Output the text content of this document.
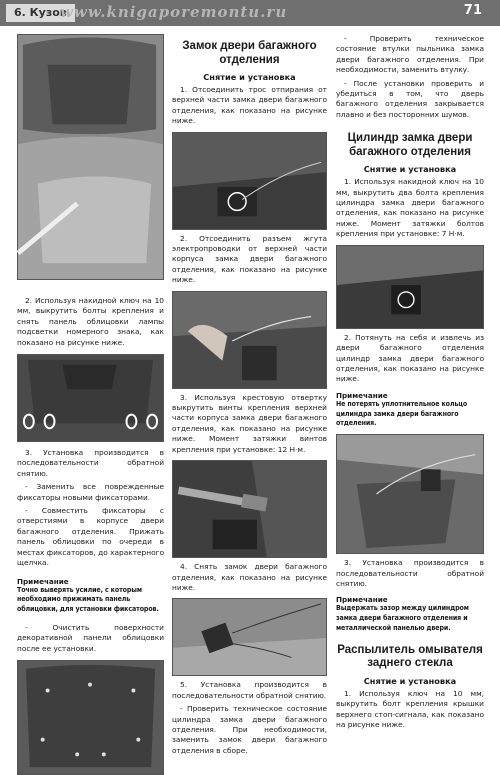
6. Кузов
www.knigaporemontu.ru	71

2. Используя накидной ключ на 10 мм, выкрутить болты крепления и снять панель облицовки лампы подсветки номерного знака, как показано на рисунке ниже.

3. Установка производится в последовательности обратной снятию.

- Заменить все поврежденные фиксаторы новыми фиксаторами.

- Совместить фиксаторы с отверстиями в корпусе двери багажного отделения. Прижать панель облицовки по очереди в местах фиксаторов, до характерного щелчка.

Примечание
Точно выверять усилие, с которым необходимо прижимать панель облицовки, для установки фиксаторов.

- Очистить поверхности декоративной панели облицовки после ее установки.

Замок двери багажного отделения
Снятие и установка

1. Отсоединить трос отпирания от верхней части замка двери багажного отделения, как показано на рисунке ниже.

2. Отсоединить разъем жгута электропроводки от верхней части корпуса замка двери багажного отделения, как показано на рисунке ниже.

3. Используя крестовую отвертку выкрутить винты крепления верхней части корпуса замка двери багажного отделения, как показано на рисунке ниже. Момент затяжки винтов крепления при установке: 12 Н·м.

4. Снять замок двери багажного отделения, как показано на рисунке ниже.

5. Установка производится в последовательности обратной снятию.

- Проверить техническое состояние цилиндра замка двери багажного отделения. При необходимости, заменить замок двери багажного отделения в сборе.

- Проверить техническое состояние втулки пыльника замка двери багажного отделения. При необходимости, заменить втулку.

- После установки проверить и убедиться в том, что дверь багажного отделения закрывается плавно и без посторонних шумов.

Цилиндр замка двери багажного отделения
Снятие и установка

1. Используя накидной ключ на 10 мм, выкрутить два болта крепления цилиндра замка двери багажного отделения, как показано на рисунке ниже. Момент затяжки болтов крепления при установке: 7 Н·м.

2. Потянуть на себя и извлечь из двери багажного отделения цилиндр замка двери багажного отделения, как показано на рисунке ниже.

Примечание
Не потерять уплотнительное кольцо цилиндра замка двери багажного отделения.

3. Установка производится в последовательности обратной снятию.

Примечание
Выдержать зазор между цилиндром замка двери багажного отделения и металлической панелью двери.
Распылитель омывателя заднего стекла
Снятие и установка

1. Используя ключ на 10 мм, выкрутить болт крепления крышки верхнего стоп-сигнала, как показано на рисунке ниже.
